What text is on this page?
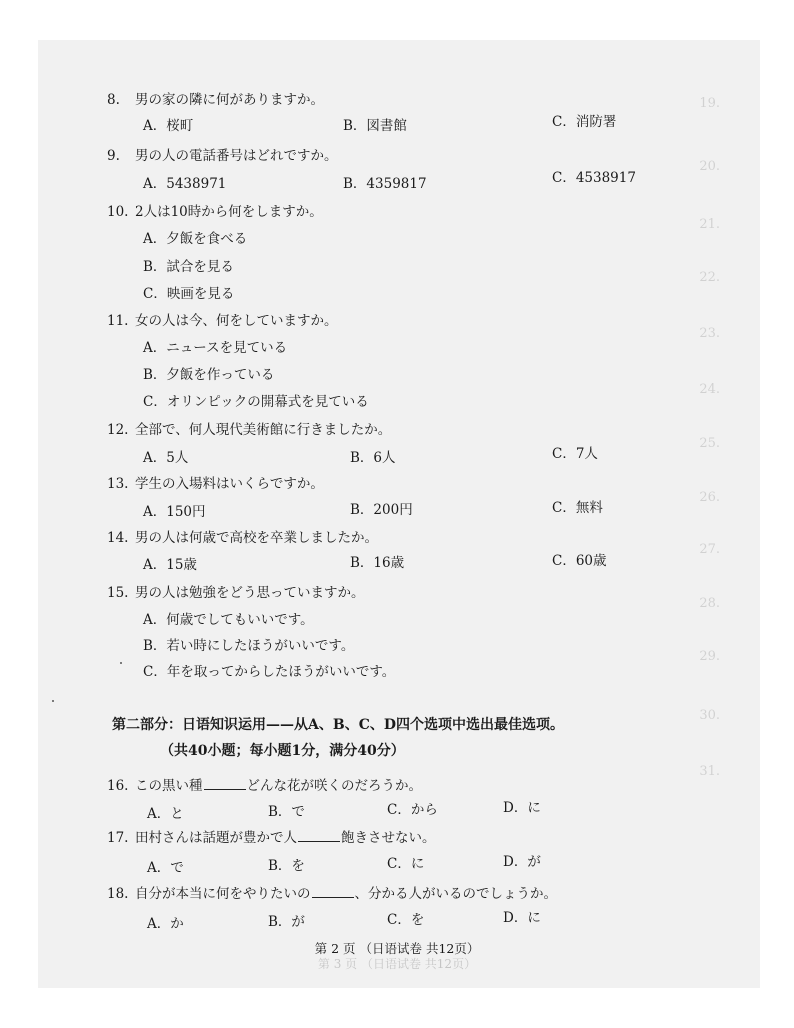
19.
20.
21.
22.
23.
24.
25.
26.
27.
28.
29.
30.
31.
8. 男の家の隣に何がありますか。
A．桜町	B．図書館	C．消防署
9. 男の人の電話番号はどれですか。
A．5438971	B．4359817	C．4538917
10. 2人は10時から何をしますか。
A．夕飯を食べる
B．試合を見る
C．映画を見る
11. 女の人は今、何をしていますか。
A．ニュースを見ている
B．夕飯を作っている
C．オリンピックの開幕式を見ている
12. 全部で、何人現代美術館に行きましたか。
A．5人	B．6人	C．7人
13. 学生の入場料はいくらですか。
A．150円	B．200円	C．無料
14. 男の人は何歳で高校を卒業しましたか。
A．15歳	B．16歳	C．60歳
15. 男の人は勉強をどう思っていますか。
A．何歳でしてもいいです。
B．若い時にしたほうがいいです。
C．年を取ってからしたほうがいいです。
第二部分：日语知识运用——从A、B、C、D四个选项中选出最佳选项。
（共40小题；每小题1分，满分40分）
16. この黒い種	どんな花が咲くのだろうか。
A．と	B．で	C．から	D．に
17. 田村さんは話題が豊かで人	飽きさせない。
A．で	B．を	C．に	D．が
18. 自分が本当に何をやりたいの	、分かる人がいるのでしょうか。
A．か	B．が	C．を	D．に
第 2 页 （日语试卷 共12页）
第 3 页 （日语试卷 共12页）
